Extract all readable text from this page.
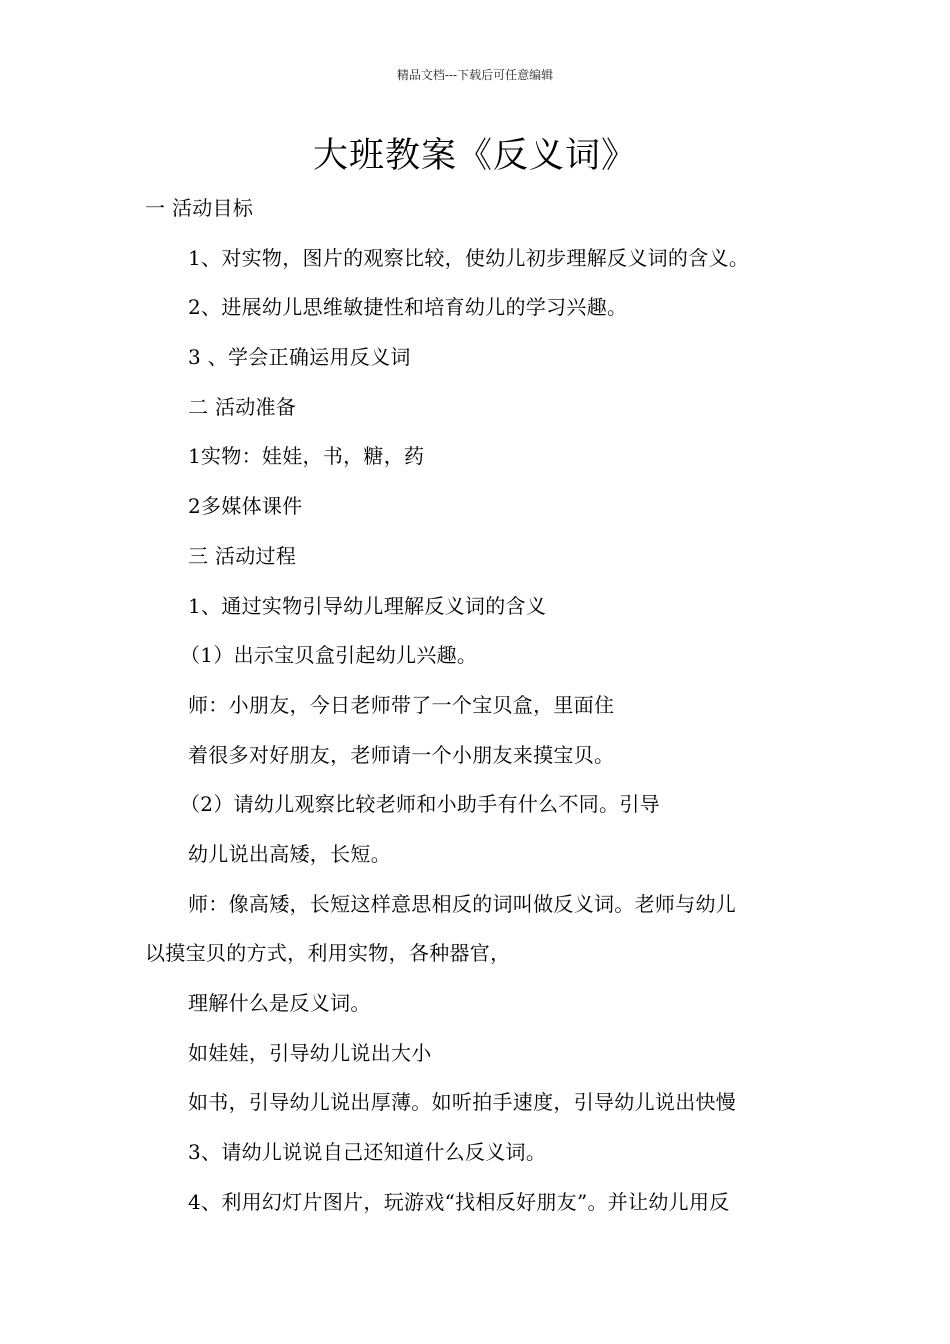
精品文档---下载后可任意编辑
大班教案《反义词》
一 活动目标
1、对实物，图片的观察比较，使幼儿初步理解反义词的含义。
2、进展幼儿思维敏捷性和培育幼儿的学习兴趣。
3 、学会正确运用反义词
二 活动准备
1实物：娃娃，书，糖，药
2多媒体课件
三 活动过程
1、通过实物引导幼儿理解反义词的含义
（1）出示宝贝盒引起幼儿兴趣。
师：小朋友，今日老师带了一个宝贝盒，里面住
着很多对好朋友，老师请一个小朋友来摸宝贝。
（2）请幼儿观察比较老师和小助手有什么不同。引导
幼儿说出高矮，长短。
师：像高矮，长短这样意思相反的词叫做反义词。老师与幼儿
以摸宝贝的方式，利用实物，各种器官，
理解什么是反义词。
如娃娃，引导幼儿说出大小
如书，引导幼儿说出厚薄。如听拍手速度，引导幼儿说出快慢
3、请幼儿说说自己还知道什么反义词。
4、利用幻灯片图片，玩游戏“找相反好朋友”。并让幼儿用反
